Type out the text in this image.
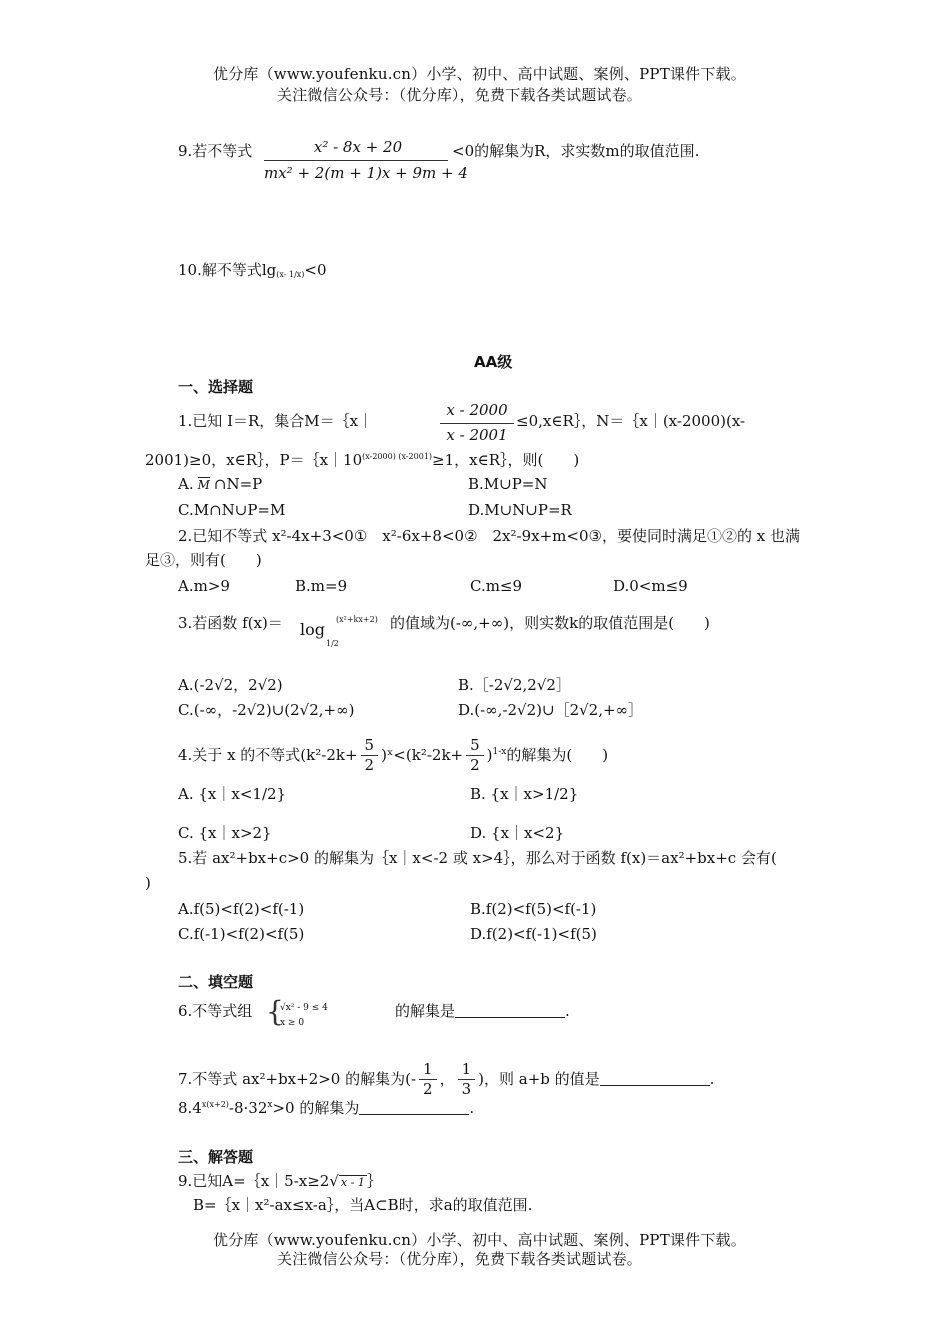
优分库（www.youfenku.cn）小学、初中、高中试题、案例、PPT课件下载。
关注微信公众号：（优分库），免费下载各类试题试卷。
9.若不等式	x² - 8x + 20
mx² + 2(m + 1)x + 9m + 4
<0的解集为R，求实数m的取值范围.
10.解不等式lg(x- 1/x)<0
AA级
一、选择题
1.已知 I＝R，集合M＝｛x｜
x - 2000
x - 2001
≤0,x∈R｝，N＝｛x｜(x-2000)(x-
2001)≥0，x∈R｝，$P=\{x|10^{(x-2000) (x-2001)}\ge 1$，x∈R｝，则(　　)
A. M ∩N=P	B.M∪P=N
C.M∩N∪P=M	D.M∪N∪P=R
2.已知不等式 x²-4x+3<0①　x²-6x+8<0②　2x²-9x+m<0③，要使同时满足①②的 x 也满
足③，则有(　　)
A.m>9	B.m=9	C.m≤9	D.0<m≤9
3.若函数 f(x)＝ log
1/2
(x²+kx+2) 的值域为(-∞,+∞)，则实数k的取值范围是(　　)
A.(-2√2，2√2)	B.［-2√2,2√2］
C.(-∞，-2√2)∪(2√2,+∞)	D.(-∞,-2√2)∪［2√2,+∞］
4.关于 x 的不等式($k^2-2k+ \frac{5}{2}$ )ˣ<(k²-2k+ $\frac{5}{2} )^{1-x}$的解集为(　　)
A. {x｜x<1/2}	B. {x｜x>1/2}
C. {x｜x>2}	D. {x｜x<2}
5.若 ax²+bx+c>0 的解集为｛x｜x<-2 或 x>4｝，那么对于函数 f(x)＝ax²+bx+c 会有(
)
A.f(5)<f(2)<f(-1)	B.f(2)<f(5)<f(-1)
C.f(-1)<f(2)<f(5)	D.f(2)<f(-1)<f(5)
二、填空题
6.不等式组 {
√x² - 9 ≤ 4
x ≥ 0
的解集是	.
7.不等式 ax²+bx+2>0 的解集为(- $\frac{1}{2}$ ， $\frac{1}{3}$ )，则 a+b 的值是	.
$8.4^{x(x+2)}-8\cdot 32^x>0$ 的解集为	.
三、解答题
9.已知A=｛x｜5-x≥2√ x - 1 ｝
B=｛x｜x²-ax≤x-a｝，当A⊂B时，求a的取值范围.
优分库（www.youfenku.cn）小学、初中、高中试题、案例、PPT课件下载。
关注微信公众号：（优分库），免费下载各类试题试卷。
